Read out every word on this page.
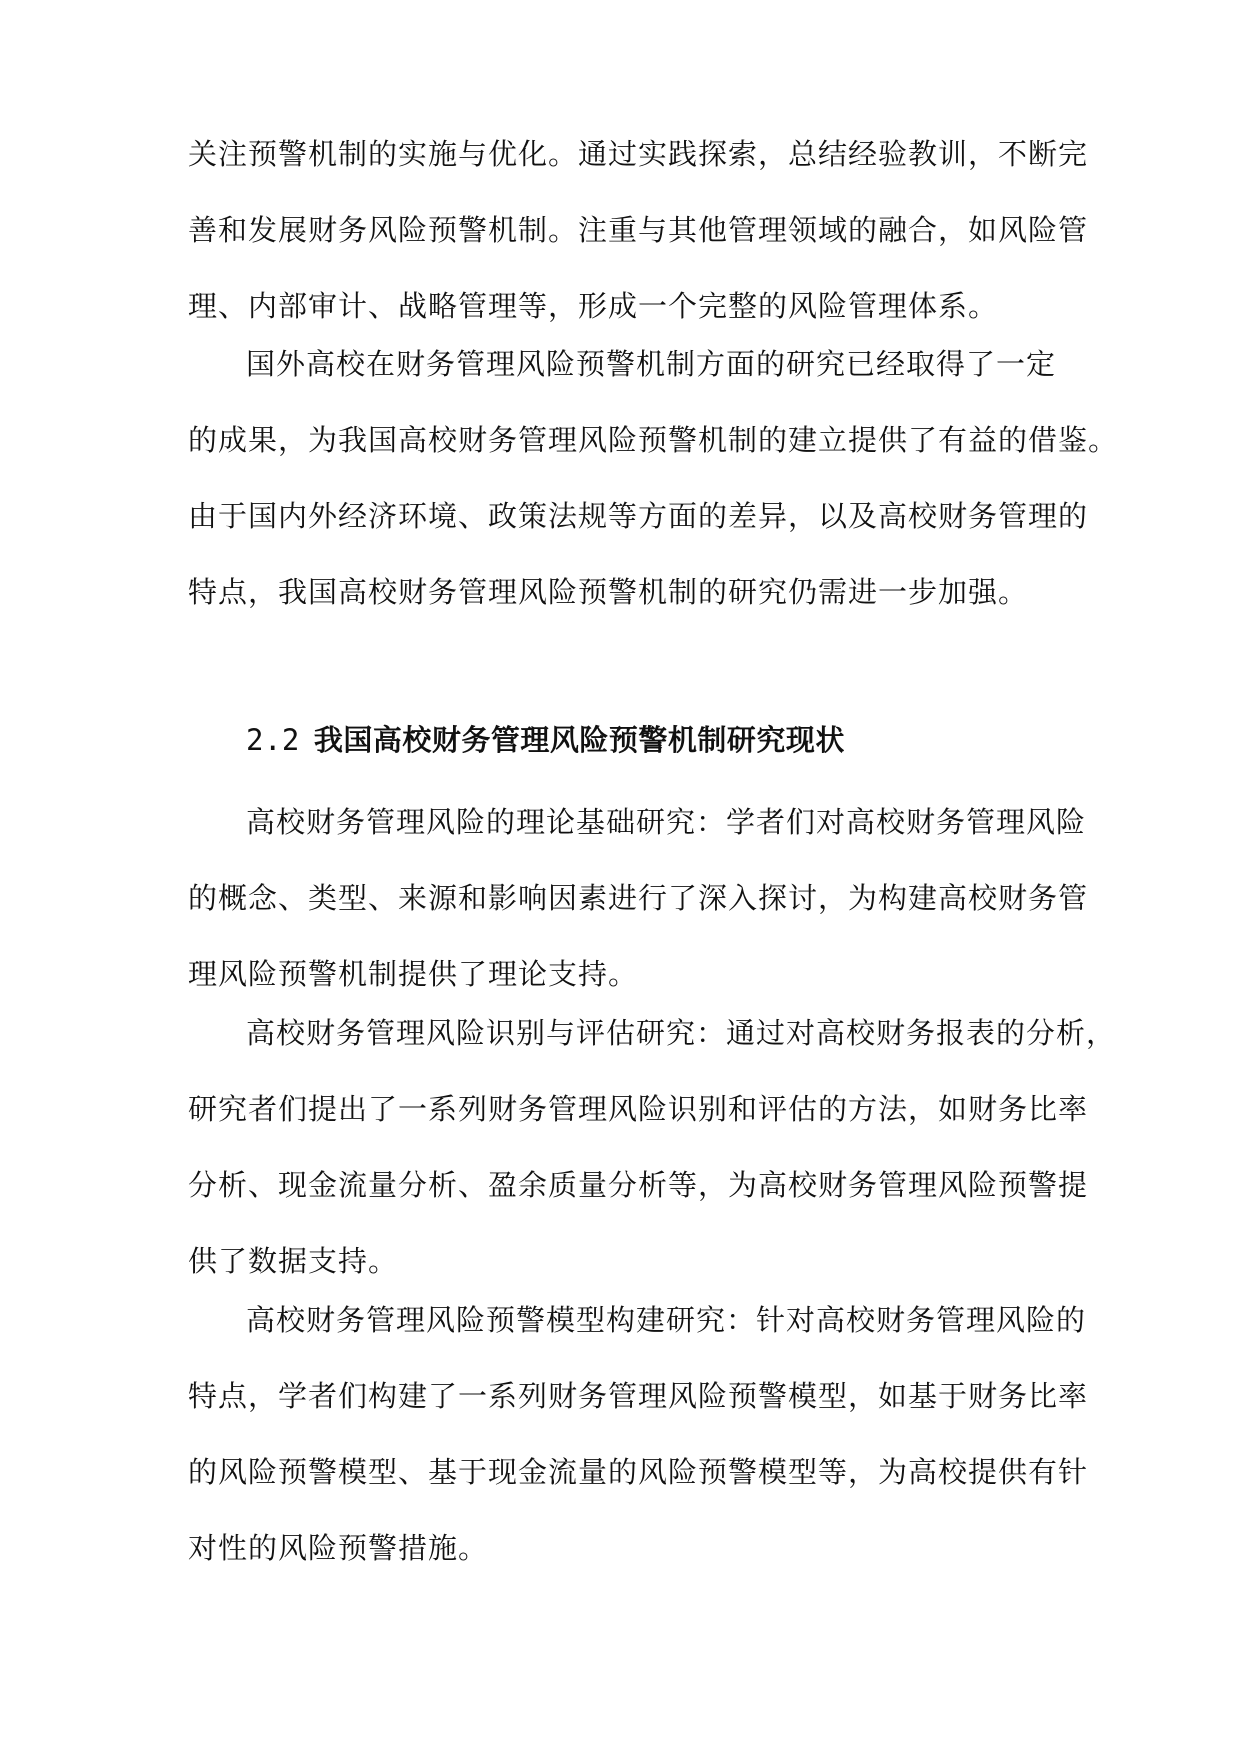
关注预警机制的实施与优化。通过实践探索，总结经验教训，不断完
善和发展财务风险预警机制。注重与其他管理领域的融合，如风险管
理、内部审计、战略管理等，形成一个完整的风险管理体系。
国外高校在财务管理风险预警机制方面的研究已经取得了一定
的成果，为我国高校财务管理风险预警机制的建立提供了有益的借鉴。
由于国内外经济环境、政策法规等方面的差异，以及高校财务管理的
特点，我国高校财务管理风险预警机制的研究仍需进一步加强。
2.2 我国高校财务管理风险预警机制研究现状
高校财务管理风险的理论基础研究：学者们对高校财务管理风险
的概念、类型、来源和影响因素进行了深入探讨，为构建高校财务管
理风险预警机制提供了理论支持。
高校财务管理风险识别与评估研究：通过对高校财务报表的分析，
研究者们提出了一系列财务管理风险识别和评估的方法，如财务比率
分析、现金流量分析、盈余质量分析等，为高校财务管理风险预警提
供了数据支持。
高校财务管理风险预警模型构建研究：针对高校财务管理风险的
特点，学者们构建了一系列财务管理风险预警模型，如基于财务比率
的风险预警模型、基于现金流量的风险预警模型等，为高校提供有针
对性的风险预警措施。
